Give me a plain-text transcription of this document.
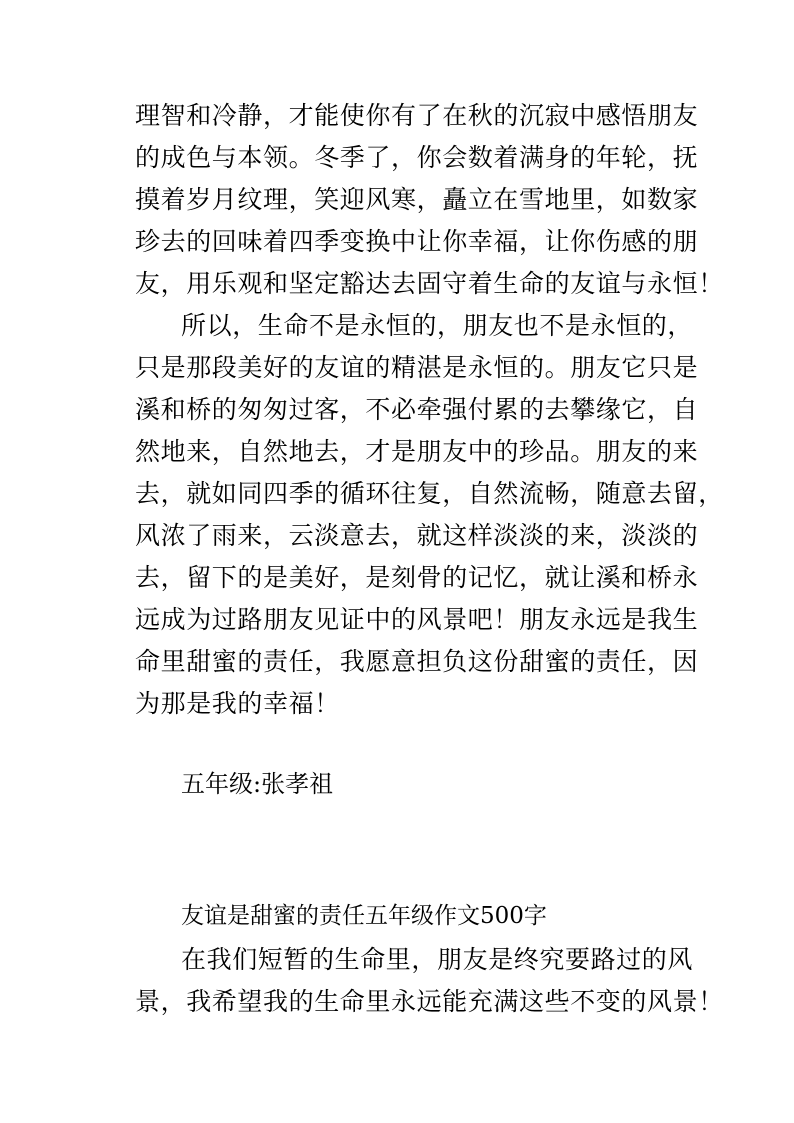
理智和冷静，才能使你有了在秋的沉寂中感悟朋友
的成色与本领。冬季了，你会数着满身的年轮，抚
摸着岁月纹理，笑迎风寒，矗立在雪地里，如数家
珍去的回味着四季变换中让你幸福，让你伤感的朋
友，用乐观和坚定豁达去固守着生命的友谊与永恒！
所以，生命不是永恒的，朋友也不是永恒的，
只是那段美好的友谊的精湛是永恒的。朋友它只是
溪和桥的匆匆过客，不必牵强付累的去攀缘它，自
然地来，自然地去，才是朋友中的珍品。朋友的来
去，就如同四季的循环往复，自然流畅，随意去留，
风浓了雨来，云淡意去，就这样淡淡的来，淡淡的
去，留下的是美好，是刻骨的记忆，就让溪和桥永
远成为过路朋友见证中的风景吧！朋友永远是我生
命里甜蜜的责任，我愿意担负这份甜蜜的责任，因
为那是我的幸福！
五年级:张孝祖
友谊是甜蜜的责任五年级作文500字
在我们短暂的生命里，朋友是终究要路过的风
景，我希望我的生命里永远能充满这些不变的风景！
